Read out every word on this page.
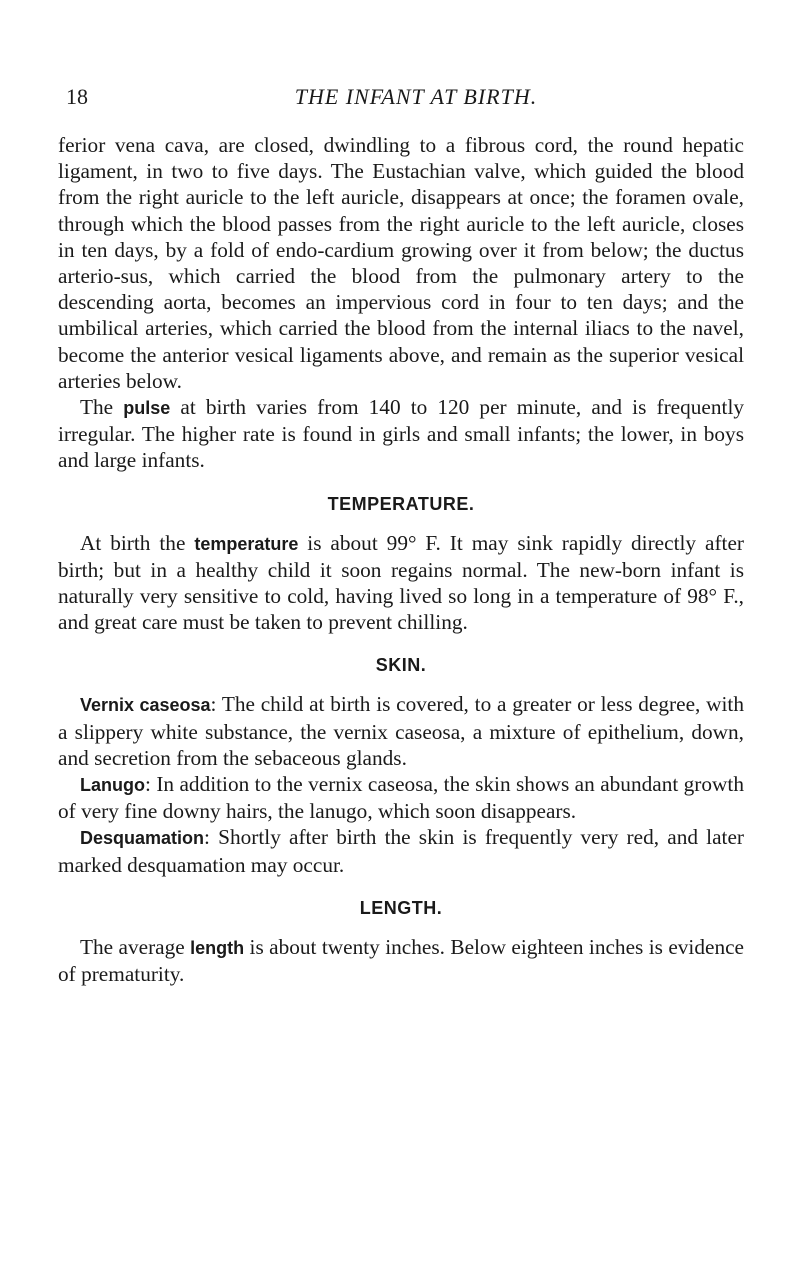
18	THE INFANT AT BIRTH.

ferior vena cava, are closed, dwindling to a fibrous cord, the round hepatic ligament, in two to five days. The Eustachian valve, which guided the blood from the right auricle to the left auricle, disappears at once; the foramen ovale, through which the blood passes from the right auricle to the left auricle, closes in ten days, by a fold of endo-cardium growing over it from below; the ductus arterio-sus, which carried the blood from the pulmonary artery to the descending aorta, becomes an impervious cord in four to ten days; and the umbilical arteries, which carried the blood from the internal iliacs to the navel, become the anterior vesical ligaments above, and remain as the superior vesical arteries below.

The pulse at birth varies from 140 to 120 per minute, and is frequently irregular. The higher rate is found in girls and small infants; the lower, in boys and large infants.

TEMPERATURE.

At birth the temperature is about 99° F. It may sink rapidly directly after birth; but in a healthy child it soon regains normal. The new-born infant is naturally very sensitive to cold, having lived so long in a temperature of 98° F., and great care must be taken to prevent chilling.

SKIN.

Vernix caseosa: The child at birth is covered, to a greater or less degree, with a slippery white substance, the vernix caseosa, a mixture of epithelium, down, and secretion from the sebaceous glands.

Lanugo: In addition to the vernix caseosa, the skin shows an abundant growth of very fine downy hairs, the lanugo, which soon disappears.

Desquamation: Shortly after birth the skin is frequently very red, and later marked desquamation may occur.

LENGTH.

The average length is about twenty inches. Below eighteen inches is evidence of prematurity.
